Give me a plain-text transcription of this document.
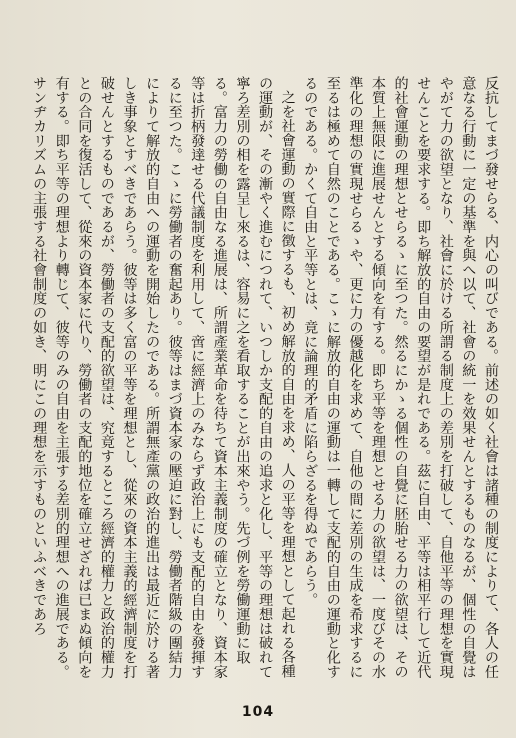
反抗してまづ發せらる、内心の叫びである。前述の如く社會は諸種の制度によりて、各人の任意なる行動に一定の基準を與へ以て、社會の統一を效果せんとするものなるが、個性の自覺はやがて力の欲望となり、社會に於ける所謂る制度上の差別を打破して、自他平等の理想を實現せんことを要求する。即ち解放的自由の要望が是れである。茲に自由、平等は相平行して近代的社會運動の理想とせらるゝに至つた。然るにかゝる個性の自覺に胚胎せる力の欲望は、その本質上無限に進展せんとする傾向を有する。即ち平等を理想とせる力の欲望は、一度びその水準化の理想の實現せらるゝや、更に力の優越化を求めて、自他の間に差別の生成を希求するに至るは極めて自然のことである。こゝに解放的自由の運動は一轉して支配的自由の運動と化するのである。かくて自由と平等とは、竟に論理的矛盾に陷らざるを得ぬであらう。

之を社會運動の實際に徴するも、初め解放的自由を求め、人の平等を理想として起れる各種の運動が、その漸やく進むにつれて、いつしか支配的自由の追求と化し、平等の理想は破れて寧ろ差別の相を露呈し來るは、容易に之を看取することが出來やう。先づ例を勞働運動に取る。富力の勞働の自由なる進展は、所謂產業革命を待ちて資本主義制度の確立となり、資本家等は折柄發達せる代議制度を利用して、啻に經濟上のみならず政治上にも支配的自由を發揮するに至つた。こゝに勞働者の奮起あり。彼等はまづ資本家の壓迫に對し、勞働者階級の團結力によりて解放的自由への運動を開始したのである。所謂無產黨の政治的進出は最近に於ける著しき事象とすべきであらう。彼等は多く富の平等を理想とし、從來の資本主義的經濟制度を打破せんとするものであるが、勞働者の支配的欲望は、究竟するところ經濟的權力と政治的權力との合同を復活して、從來の資本家に代り、勞働者の支配的地位を確立せざれば已まぬ傾向を有する。即ち平等の理想より轉じて、彼等のみの自由を主張する差別的理想への進展である。サンヂカリズムの主張する社會制度の如き、明にこの理想を示すものといふべきであろ

104
